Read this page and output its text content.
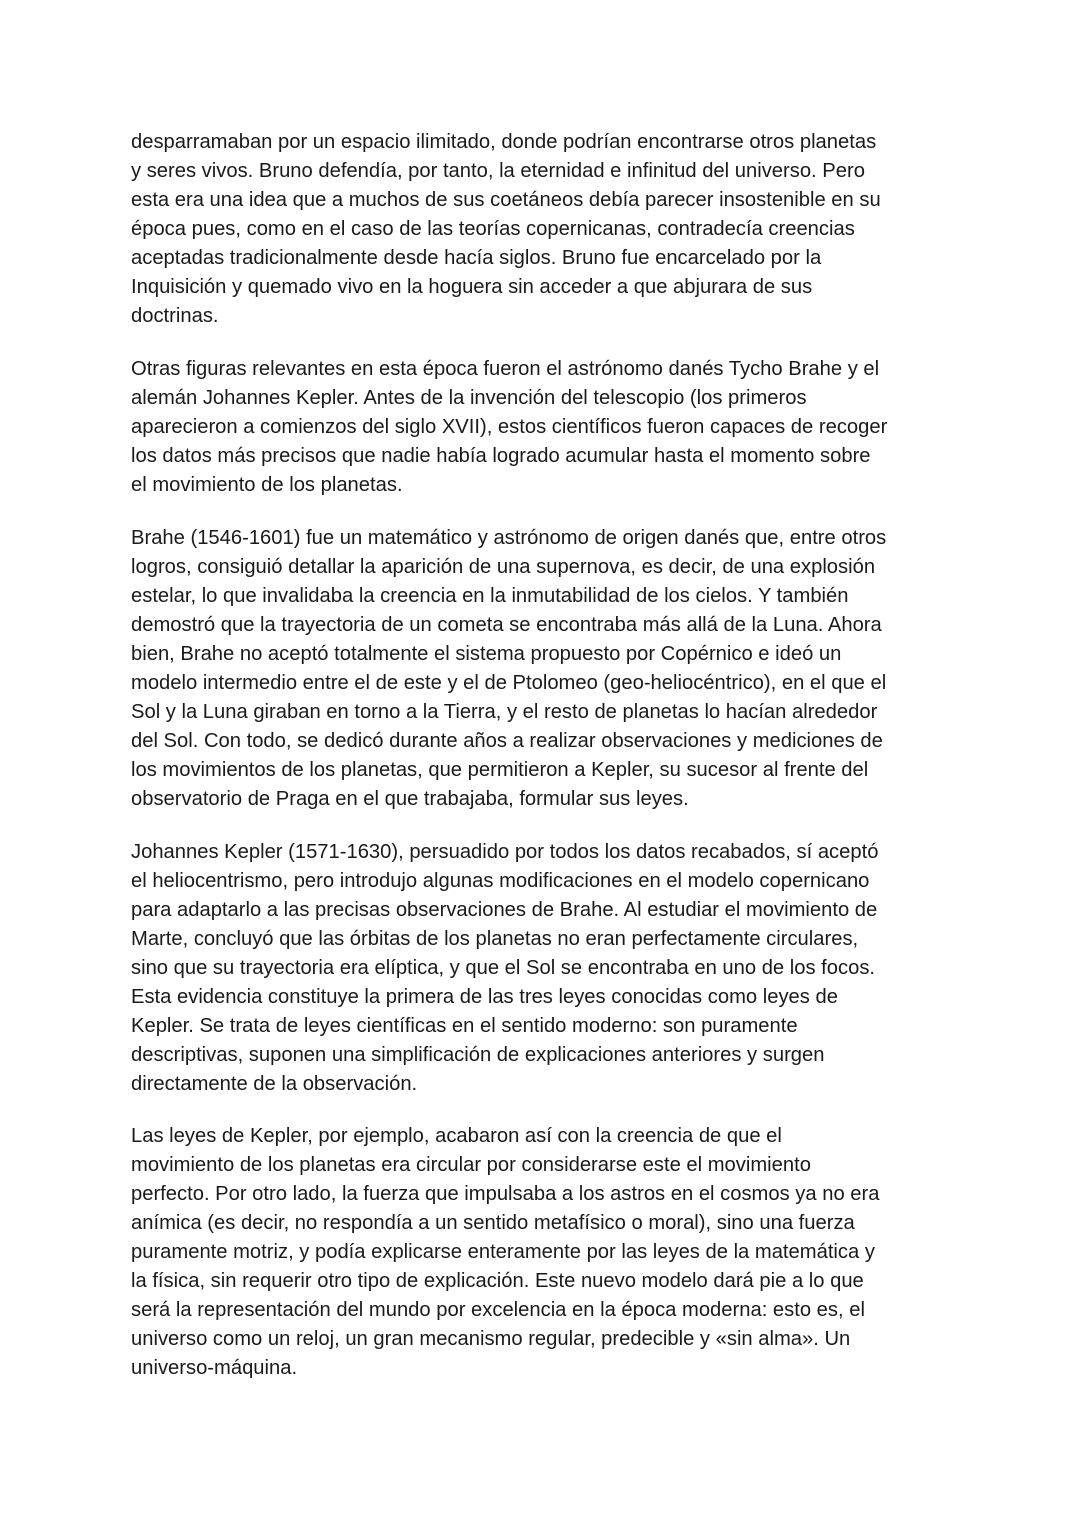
desparramaban por un espacio ilimitado, donde podrían encontrarse otros planetas
y seres vivos. Bruno defendía, por tanto, la eternidad e infinitud del universo. Pero
esta era una idea que a muchos de sus coetáneos debía parecer insostenible en su
época pues, como en el caso de las teorías copernicanas, contradecía creencias
aceptadas tradicionalmente desde hacía siglos. Bruno fue encarcelado por la
Inquisición y quemado vivo en la hoguera sin acceder a que abjurara de sus
doctrinas.
Otras figuras relevantes en esta época fueron el astrónomo danés Tycho Brahe y el
alemán Johannes Kepler. Antes de la invención del telescopio (los primeros
aparecieron a comienzos del siglo XVII), estos científicos fueron capaces de recoger
los datos más precisos que nadie había logrado acumular hasta el momento sobre
el movimiento de los planetas.
Brahe (1546-1601) fue un matemático y astrónomo de origen danés que, entre otros
logros, consiguió detallar la aparición de una supernova, es decir, de una explosión
estelar, lo que invalidaba la creencia en la inmutabilidad de los cielos. Y también
demostró que la trayectoria de un cometa se encontraba más allá de la Luna. Ahora
bien, Brahe no aceptó totalmente el sistema propuesto por Copérnico e ideó un
modelo intermedio entre el de este y el de Ptolomeo (geo-heliocéntrico), en el que el
Sol y la Luna giraban en torno a la Tierra, y el resto de planetas lo hacían alrededor
del Sol. Con todo, se dedicó durante años a realizar observaciones y mediciones de
los movimientos de los planetas, que permitieron a Kepler, su sucesor al frente del
observatorio de Praga en el que trabajaba, formular sus leyes.
Johannes Kepler (1571-1630), persuadido por todos los datos recabados, sí aceptó
el heliocentrismo, pero introdujo algunas modificaciones en el modelo copernicano
para adaptarlo a las precisas observaciones de Brahe. Al estudiar el movimiento de
Marte, concluyó que las órbitas de los planetas no eran perfectamente circulares,
sino que su trayectoria era elíptica, y que el Sol se encontraba en uno de los focos.
Esta evidencia constituye la primera de las tres leyes conocidas como leyes de
Kepler. Se trata de leyes científicas en el sentido moderno: son puramente
descriptivas, suponen una simplificación de explicaciones anteriores y surgen
directamente de la observación.
Las leyes de Kepler, por ejemplo, acabaron así con la creencia de que el
movimiento de los planetas era circular por considerarse este el movimiento
perfecto. Por otro lado, la fuerza que impulsaba a los astros en el cosmos ya no era
anímica (es decir, no respondía a un sentido metafísico o moral), sino una fuerza
puramente motriz, y podía explicarse enteramente por las leyes de la matemática y
la física, sin requerir otro tipo de explicación. Este nuevo modelo dará pie a lo que
será la representación del mundo por excelencia en la época moderna: esto es, el
universo como un reloj, un gran mecanismo regular, predecible y «sin alma». Un
universo-máquina.
